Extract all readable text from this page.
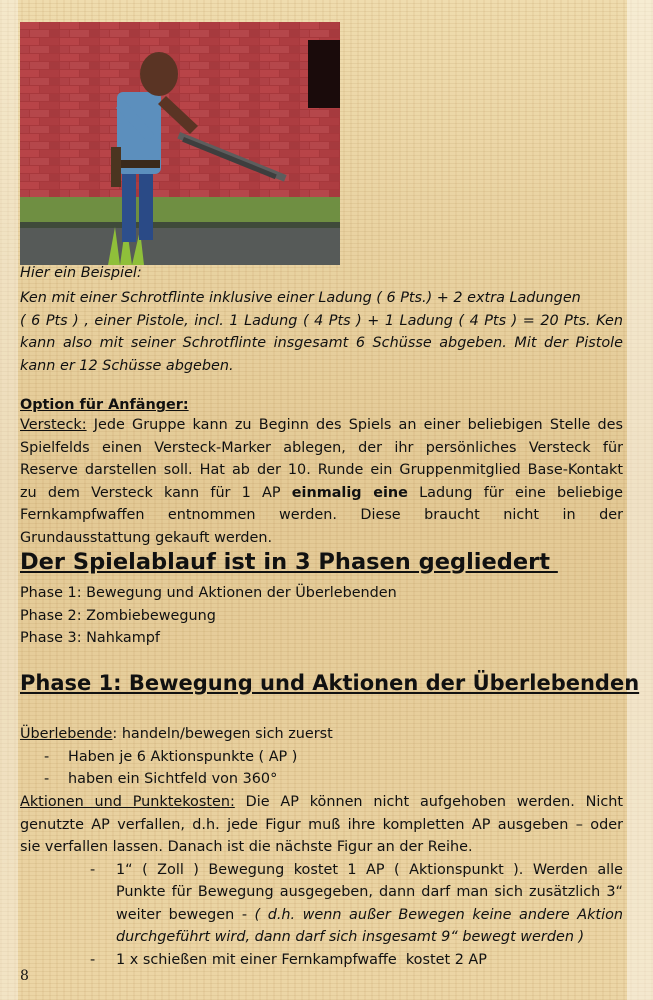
Hier ein Beispiel:
Ken mit einer Schrotflinte inklusive einer Ladung ( 6 Pts.) + 2 extra Ladungen
( 6 Pts ) , einer Pistole, incl. 1 Ladung ( 4 Pts ) + 1 Ladung ( 4 Pts ) = 20 Pts. Ken
kann also mit seiner Schrotflinte insgesamt 6 Schüsse abgeben. Mit der Pistole
kann er 12 Schüsse abgeben.
Option für Anfänger:
Versteck: Jede Gruppe kann zu Beginn des Spiels an einer beliebigen Stelle des
Spielfelds einen Versteck-Marker ablegen, der ihr persönliches Versteck für
Reserve darstellen soll. Hat ab der 10. Runde ein Gruppenmitglied Base-Kontakt
zu dem Versteck kann für 1 AP einmalig eine Ladung für eine beliebige
Fernkampfwaffen entnommen werden. Diese braucht nicht in der
Grundausstattung gekauft werden.
Der Spielablauf ist in 3 Phasen gegliedert
Phase 1: Bewegung und Aktionen der Überlebenden
Phase 2: Zombiebewegung
Phase 3: Nahkampf
Phase 1: Bewegung und Aktionen der Überlebenden
Überlebende: handeln/bewegen sich zuerst
- Haben je 6 Aktionspunkte ( AP )
- haben ein Sichtfeld von 360°
Aktionen und Punktekosten: Die AP können nicht aufgehoben werden. Nicht
genutzte AP verfallen, d.h. jede Figur muß ihre kompletten AP ausgeben – oder
sie verfallen lassen. Danach ist die nächste Figur an der Reihe.
- 1“ ( Zoll ) Bewegung kostet 1 AP ( Aktionspunkt ). Werden alle
Punkte für Bewegung ausgegeben, dann darf man sich zusätzlich 3“
weiter bewegen - ( d.h. wenn außer Bewegen keine andere Aktion
durchgeführt wird, dann darf sich insgesamt 9“ bewegt werden )
- 1 x schießen mit einer Fernkampfwaffe  kostet 2 AP
8
